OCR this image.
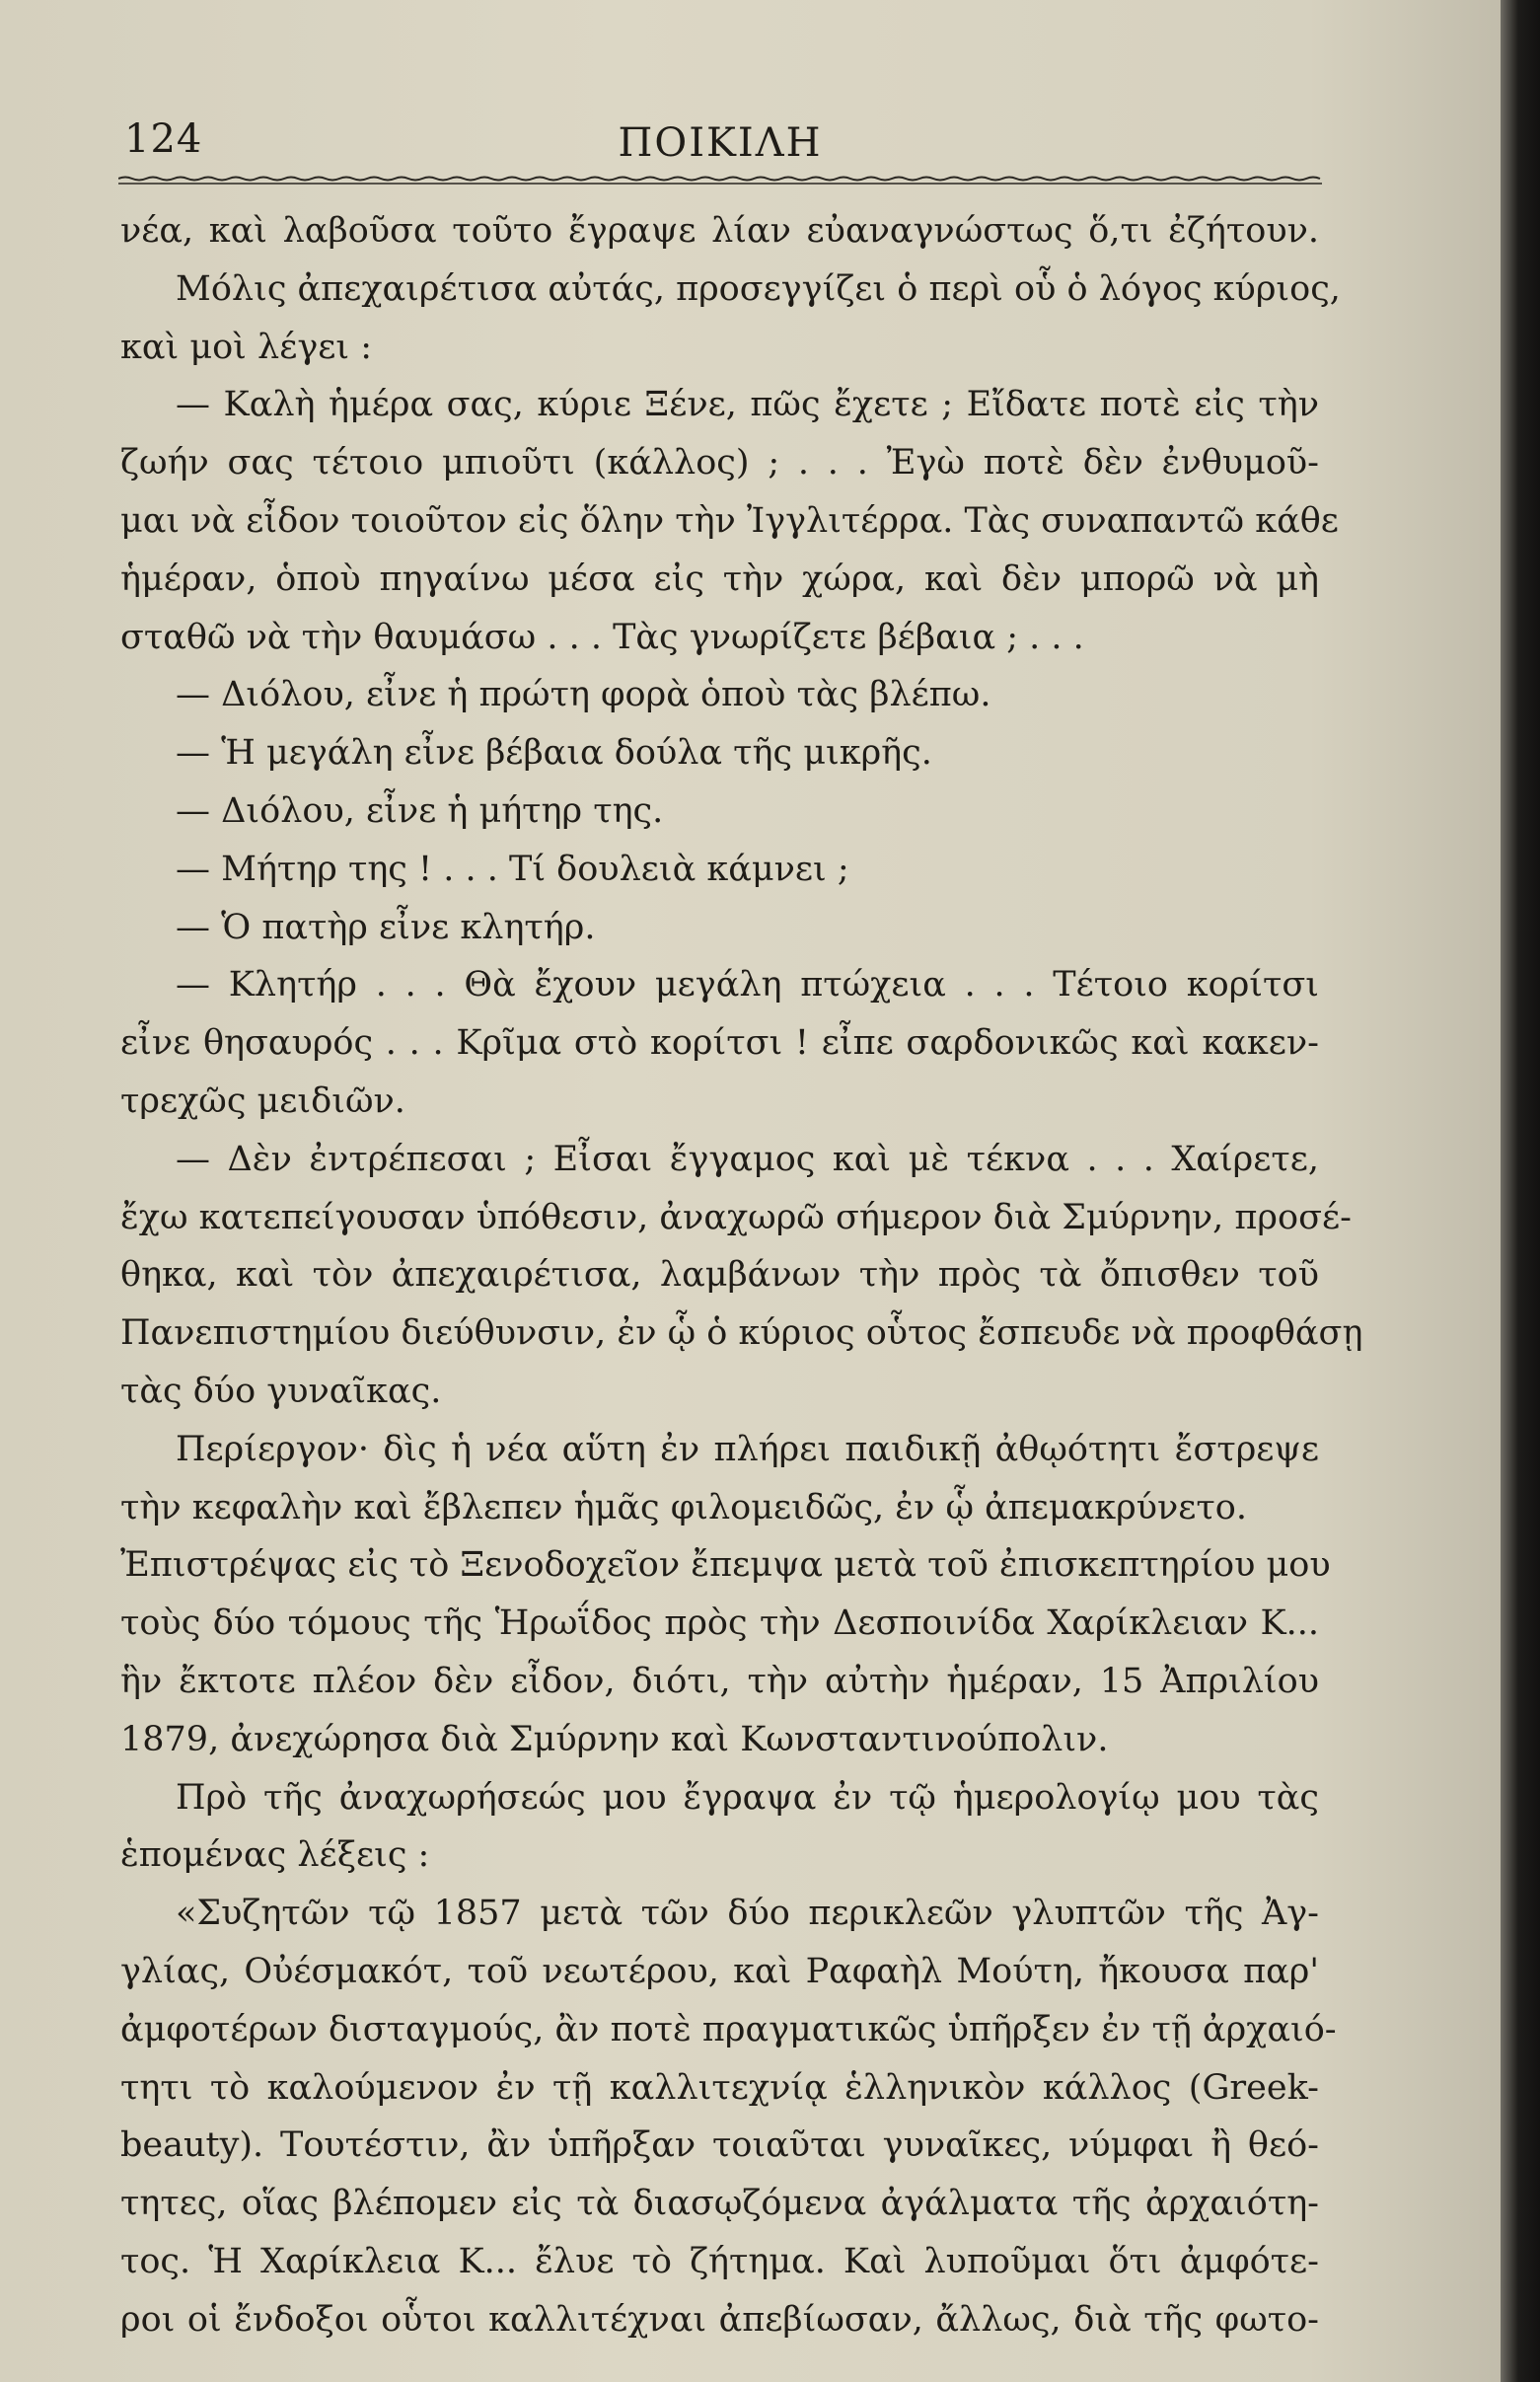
124	ΠΟΙΚΙΛΗ
νέα, καὶ λαβοῦσα τοῦτο ἔγραψε λίαν εὐαναγνώστως ὅ,τι ἐζήτουν.
Μόλις ἀπεχαιρέτισα αὐτάς, προσεγγίζει ὁ περὶ οὗ ὁ λόγος κύριος,
καὶ μοὶ λέγει :
— Καλὴ ἡμέρα σας, κύριε Ξένε, πῶς ἔχετε ; Εἴδατε ποτὲ εἰς τὴν
ζωήν σας τέτοιο μπιοῦτι (κάλλος) ; . . . Ἐγὼ ποτὲ δὲν ἐνθυμοῦ-
μαι νὰ εἶδον τοιοῦτον εἰς ὅλην τὴν Ἰγγλιτέρρα. Τὰς συναπαντῶ κάθε
ἡμέραν, ὁποὺ πηγαίνω μέσα εἰς τὴν χώρα, καὶ δὲν μπορῶ νὰ μὴ
σταθῶ νὰ τὴν θαυμάσω . . . Τὰς γνωρίζετε βέβαια ; . . .
— Διόλου, εἶνε ἡ πρώτη φορὰ ὁποὺ τὰς βλέπω.
— Ἡ μεγάλη εἶνε βέβαια δούλα τῆς μικρῆς.
— Διόλου, εἶνε ἡ μήτηρ της.
— Μήτηρ της ! . . . Τί δουλειὰ κάμνει ;
— Ὁ πατὴρ εἶνε κλητήρ.
— Κλητήρ . . . Θὰ ἔχουν μεγάλη πτώχεια . . . Τέτοιο κορίτσι
εἶνε θησαυρός . . . Κρῖμα στὸ κορίτσι ! εἶπε σαρδονικῶς καὶ κακεν-
τρεχῶς μειδιῶν.
— Δὲν ἐντρέπεσαι ; Εἶσαι ἔγγαμος καὶ μὲ τέκνα . . . Χαίρετε,
ἔχω κατεπείγουσαν ὑπόθεσιν, ἀναχωρῶ σήμερον διὰ Σμύρνην, προσέ-
θηκα, καὶ τὸν ἀπεχαιρέτισα, λαμβάνων τὴν πρὸς τὰ ὄπισθεν τοῦ
Πανεπιστημίου διεύθυνσιν, ἐν ᾧ ὁ κύριος οὗτος ἔσπευδε νὰ προφθάσῃ
τὰς δύο γυναῖκας.
Περίεργον· δὶς ἡ νέα αὕτη ἐν πλήρει παιδικῇ ἀθῳότητι ἔστρεψε
τὴν κεφαλὴν καὶ ἔβλεπεν ἡμᾶς φιλομειδῶς, ἐν ᾧ ἀπεμακρύνετο.
Ἐπιστρέψας εἰς τὸ Ξενοδοχεῖον ἔπεμψα μετὰ τοῦ ἐπισκεπτηρίου μου
τοὺς δύο τόμους τῆς Ἡρωΐδος πρὸς τὴν Δεσποινίδα Χαρίκλειαν Κ...
ἣν ἔκτοτε πλέον δὲν εἶδον, διότι, τὴν αὐτὴν ἡμέραν, 15 Ἀπριλίου
1879, ἀνεχώρησα διὰ Σμύρνην καὶ Κωνσταντινούπολιν.
Πρὸ τῆς ἀναχωρήσεώς μου ἔγραψα ἐν τῷ ἡμερολογίῳ μου τὰς
ἑπομένας λέξεις :
«Συζητῶν τῷ 1857 μετὰ τῶν δύο περικλεῶν γλυπτῶν τῆς Ἀγ-
γλίας, Οὐέσμακότ, τοῦ νεωτέρου, καὶ Ραφαὴλ Μούτη, ἤκουσα παρ'
ἀμφοτέρων δισταγμούς, ἂν ποτὲ πραγματικῶς ὑπῆρξεν ἐν τῇ ἀρχαιό-
τητι τὸ καλούμενον ἐν τῇ καλλιτεχνίᾳ ἑλληνικὸν κάλλος (Greek-
beauty). Τουτέστιν, ἂν ὑπῆρξαν τοιαῦται γυναῖκες, νύμφαι ἢ θεό-
τητες, οἵας βλέπομεν εἰς τὰ διασῳζόμενα ἀγάλματα τῆς ἀρχαιότη-
τος. Ἡ Χαρίκλεια Κ... ἔλυε τὸ ζήτημα. Καὶ λυποῦμαι ὅτι ἀμφότε-
ροι οἱ ἔνδοξοι οὗτοι καλλιτέχναι ἀπεβίωσαν, ἄλλως, διὰ τῆς φωτο-
